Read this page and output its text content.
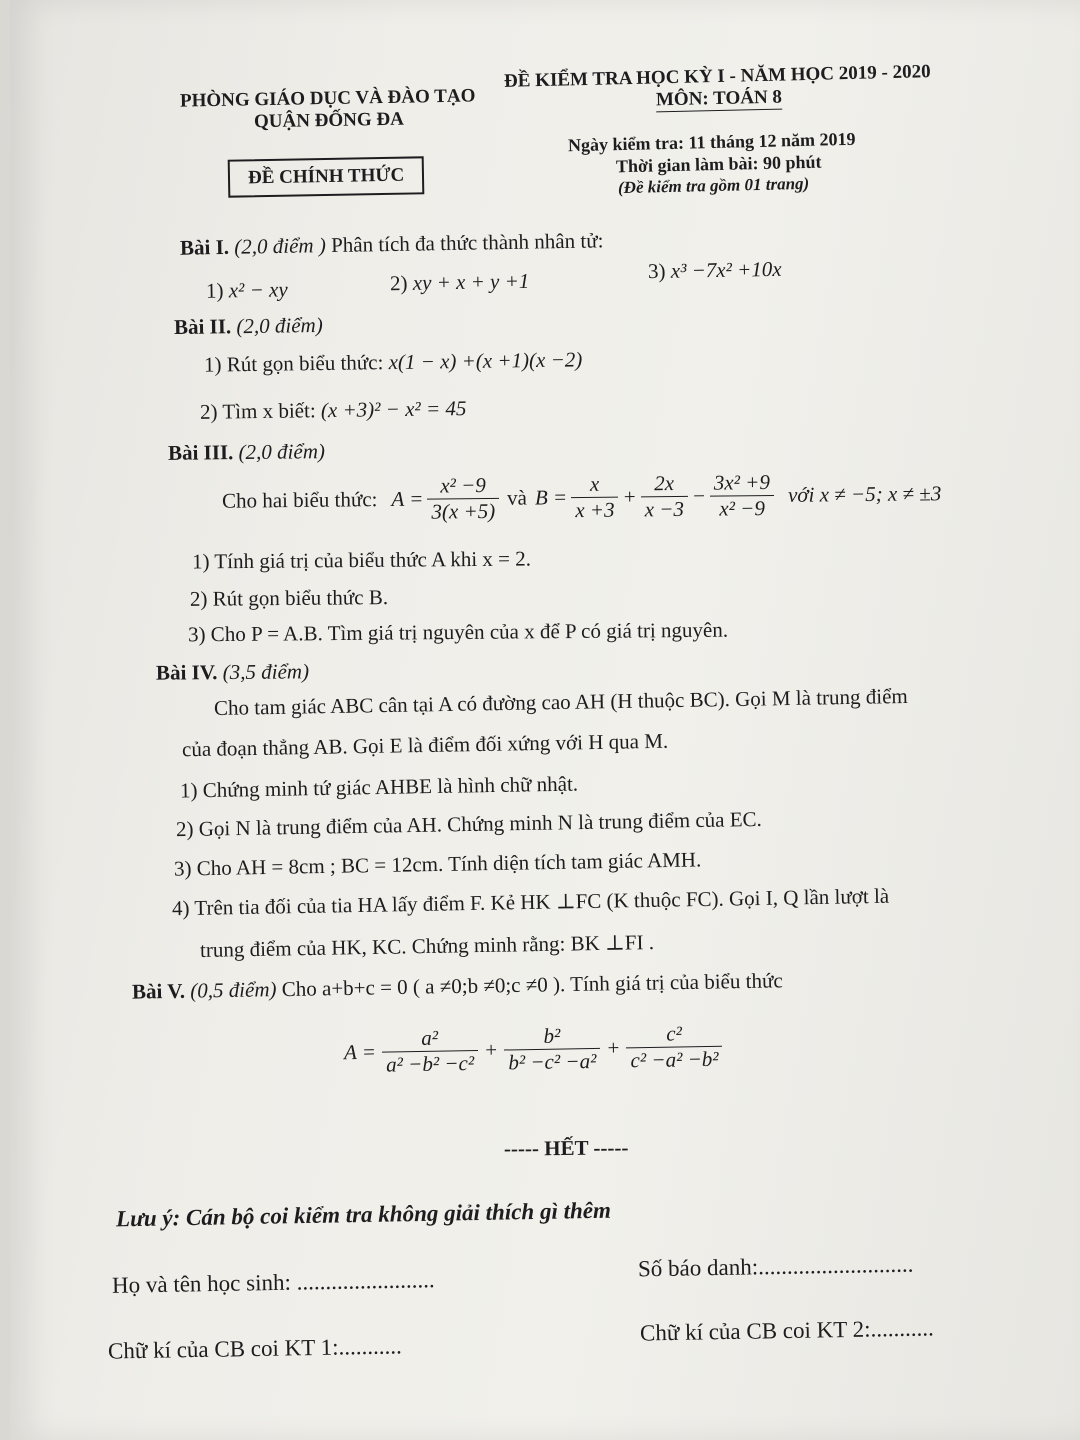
PHÒNG GIÁO DỤC VÀ ĐÀO TẠO
QUẬN ĐỐNG ĐA
ĐỀ CHÍNH THỨC
ĐỀ KIỂM TRA HỌC KỲ I - NĂM HỌC 2019 - 2020
MÔN: TOÁN 8
Ngày kiểm tra: 11 tháng 12 năm 2019
Thời gian làm bài: 90 phút
(Đề kiểm tra gồm 01 trang)
Bài I. (2,0 điểm ) Phân tích đa thức thành nhân tử:
1) x² − xy	2) xy + x + y +1	3) x³ −7x² +10x
Bài II. (2,0 điểm)
1) Rút gọn biểu thức: x(1 − x) +(x +1)(x −2)
2) Tìm x biết: (x +3)² − x² = 45
Bài III. (2,0 điểm)
Cho hai biểu thức: $A = \frac{\text{x² −9}}{3(x +5)}$ và $B = \frac{x}{x +3} + \frac{2x}{x -3} - \frac{\text{3x² +9}}{\text{x² −9}}$ với x ≠ −5; x ≠ ±3
1) Tính giá trị của biểu thức A khi x = 2.
2) Rút gọn biểu thức B.
3) Cho P = A.B. Tìm giá trị nguyên của x để P có giá trị nguyên.
Bài IV. (3,5 điểm)
Cho tam giác ABC cân tại A có đường cao AH (H thuộc BC). Gọi M là trung điểm
của đoạn thẳng AB. Gọi E là điểm đối xứng với H qua M.
1) Chứng minh tứ giác AHBE là hình chữ nhật.
2) Gọi N là trung điểm của AH. Chứng minh N là trung điểm của EC.
3) Cho AH = 8cm ; BC = 12cm. Tính diện tích tam giác AMH.
4) Trên tia đối của tia HA lấy điểm F. Kẻ HK ⊥FC (K thuộc FC). Gọi I, Q lần lượt là
trung điểm của HK, KC. Chứng minh rằng: BK ⊥FI .
Bài V. (0,5 điểm) Cho a+b+c = 0 ( a ≠0;b ≠0;c ≠0 ). Tính giá trị của biểu thức
$A = \frac{\text{a²}}{\text{a² −b² −c²}} + \frac{\text{b²}}{\text{b² −c² −a²}} + \frac{\text{c²}}{\text{c² −a² −b²}}$
----- HẾT -----
Lưu ý: Cán bộ coi kiểm tra không giải thích gì thêm
Họ và tên học sinh: ........................
Số báo danh:...........................
Chữ kí của CB coi KT 1:...........
Chữ kí của CB coi KT 2:...........
